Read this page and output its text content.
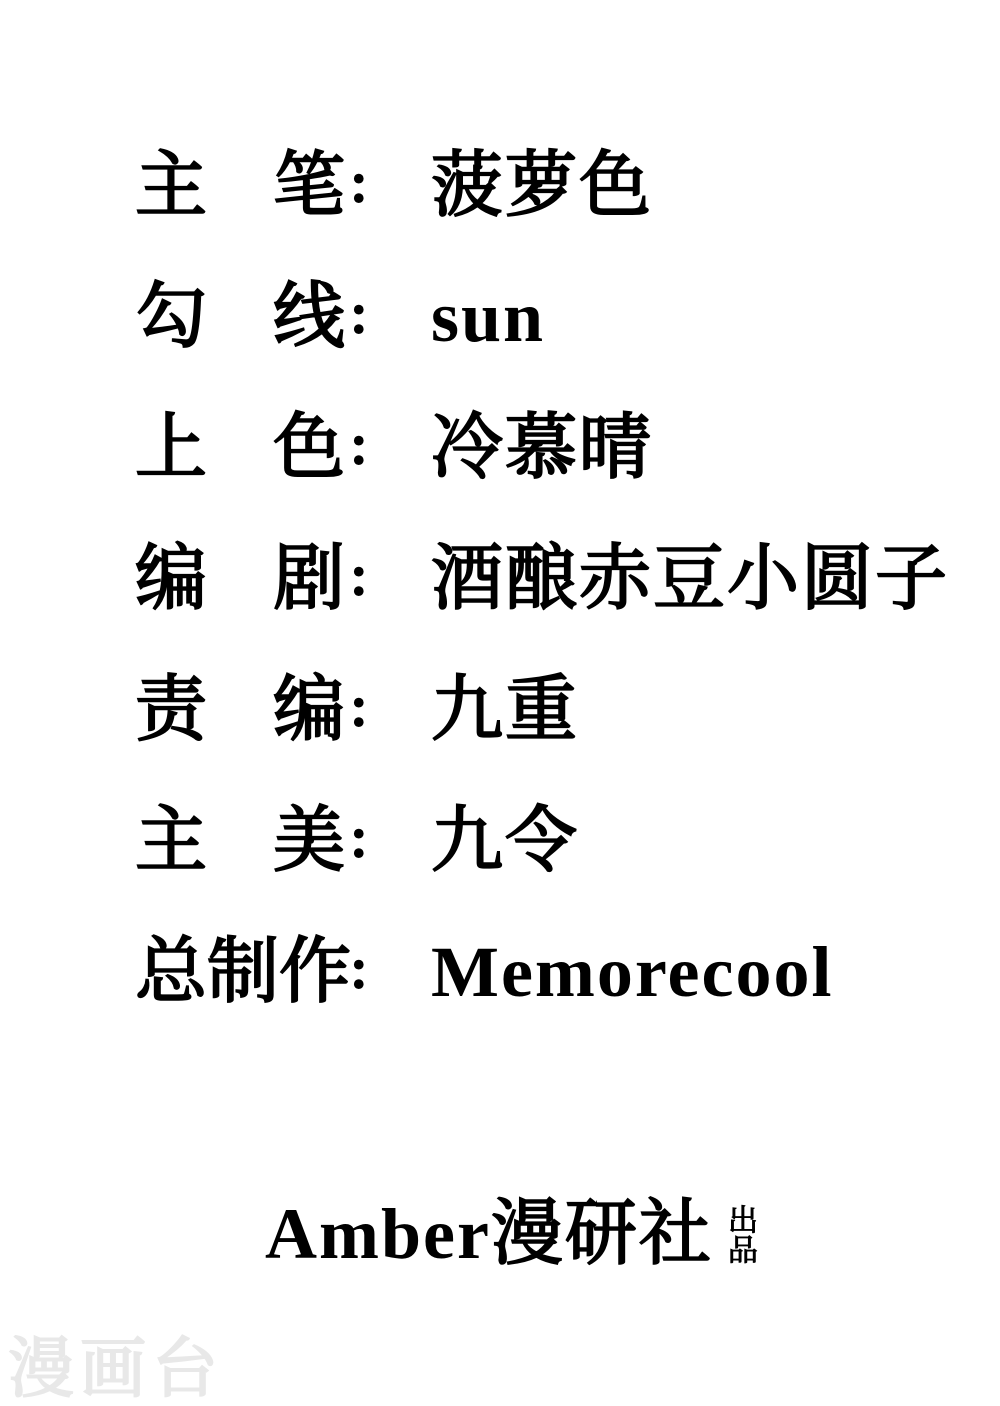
主笔 : 菠萝色
勾线 : sun
上色 : 冷慕晴
编剧 : 酒酿赤豆小圆子
责编 : 九重
主美 : 九令
总制作
: Memorecool
Amber漫研社 出品
漫画台
